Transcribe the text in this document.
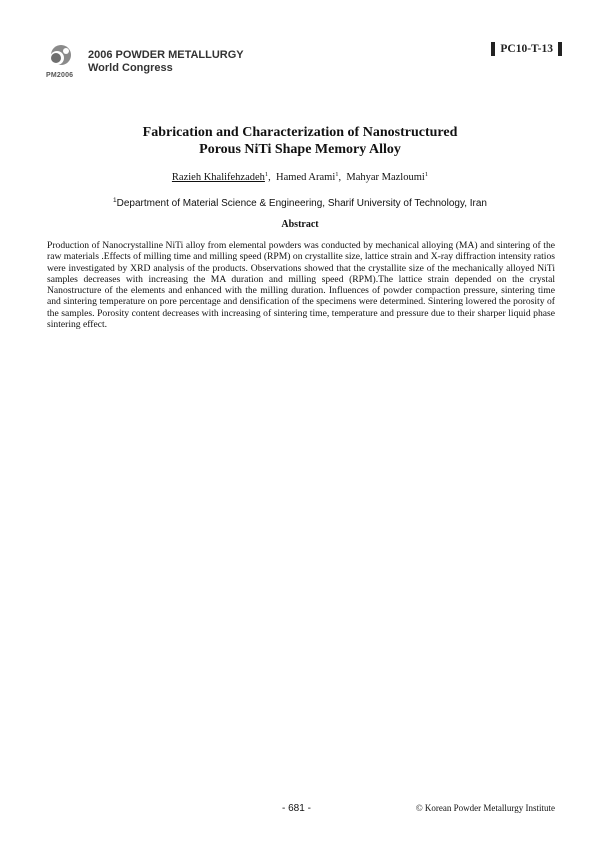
PM2006
2006 POWDER METALLURGY
World Congress
PC10-T-13
Fabrication and Characterization of Nanostructured
Porous NiTi Shape Memory Alloy
Razieh Khalifehzadeh$^1$,  Hamed Arami$^1$,  Mahyar Mazloumi$^1$
$^1$Department of Material Science & Engineering, Sharif University of Technology, Iran
Abstract
Production of Nanocrystalline NiTi alloy from elemental powders was conducted by mechanical alloying (MA) and sintering of the raw materials .Effects of milling time and milling speed (RPM) on crystallite size, lattice strain and X-ray diffraction intensity ratios were investigated by XRD analysis of the products. Observations showed that the crystallite size of the mechanically alloyed NiTi samples decreases with increasing the MA duration and milling speed (RPM).The lattice strain depended on the crystal Nanostructure of the elements and enhanced with the milling duration. Influences of powder compaction pressure, sintering time and sintering temperature on pore percentage and densification of the specimens were determined. Sintering lowered the porosity of the samples. Porosity content decreases with increasing of sintering time, temperature and pressure due to their sharper liquid phase sintering effect.
- 681 -	© Korean Powder Metallurgy Institute
